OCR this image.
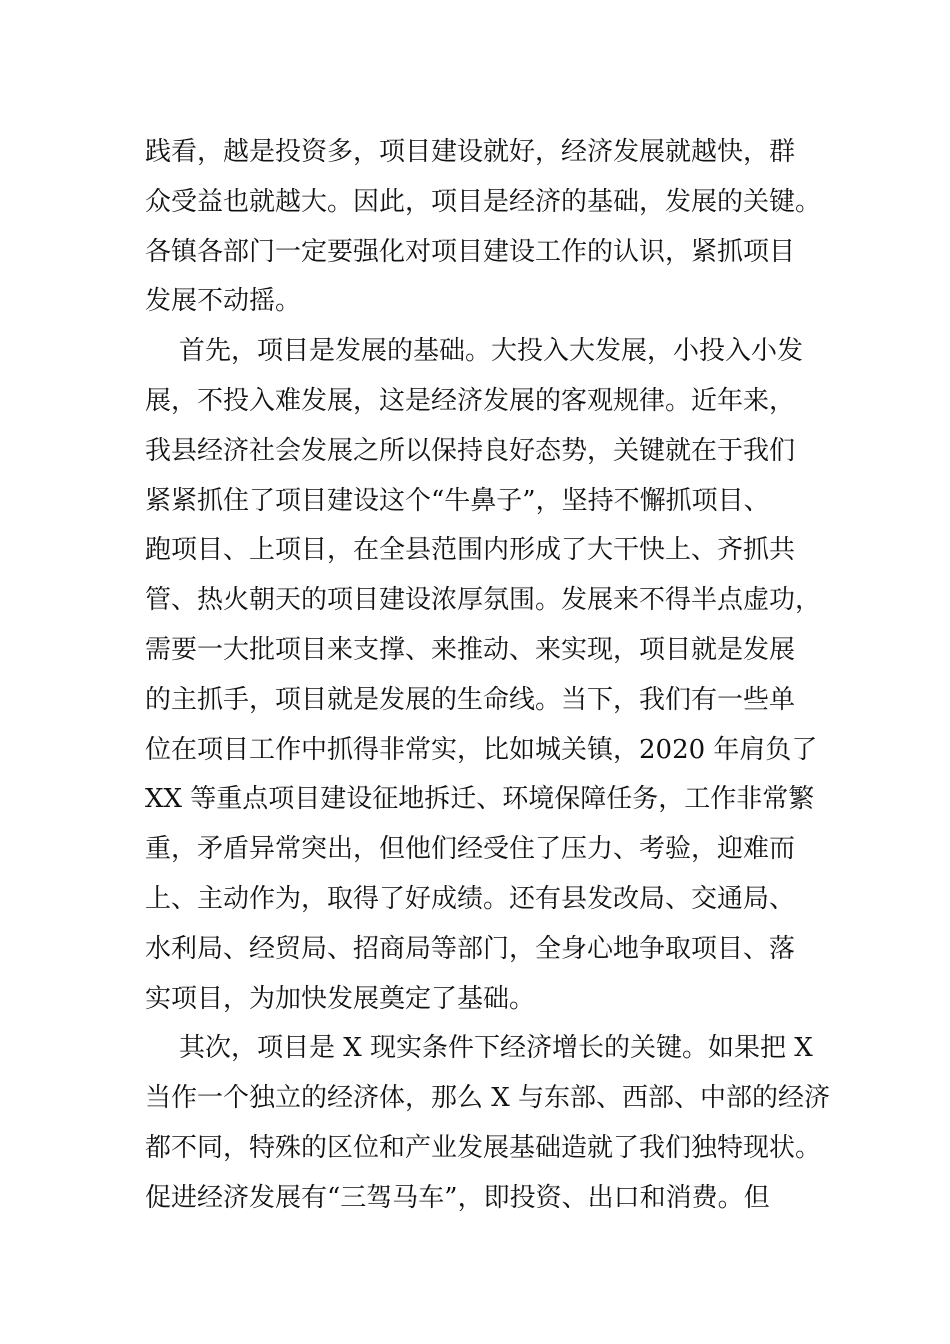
践看，越是投资多，项目建设就好，经济发展就越快，群
众受益也就越大。因此，项目是经济的基础，发展的关键。
各镇各部门一定要强化对项目建设工作的认识，紧抓项目
发展不动摇。
首先，项目是发展的基础。大投入大发展，小投入小发
展，不投入难发展，这是经济发展的客观规律。近年来，
我县经济社会发展之所以保持良好态势，关键就在于我们
紧紧抓住了项目建设这个“牛鼻子”，坚持不懈抓项目、
跑项目、上项目，在全县范围内形成了大干快上、齐抓共
管、热火朝天的项目建设浓厚氛围。发展来不得半点虚功，
需要一大批项目来支撑、来推动、来实现，项目就是发展
的主抓手，项目就是发展的生命线。当下，我们有一些单
位在项目工作中抓得非常实，比如城关镇，2020 年肩负了
XX 等重点项目建设征地拆迁、环境保障任务，工作非常繁
重，矛盾异常突出，但他们经受住了压力、考验，迎难而
上、主动作为，取得了好成绩。还有县发改局、交通局、
水利局、经贸局、招商局等部门，全身心地争取项目、落
实项目，为加快发展奠定了基础。
其次，项目是 X 现实条件下经济增长的关键。如果把 X
当作一个独立的经济体，那么 X 与东部、西部、中部的经济
都不同，特殊的区位和产业发展基础造就了我们独特现状。
促进经济发展有“三驾马车”，即投资、出口和消费。但
